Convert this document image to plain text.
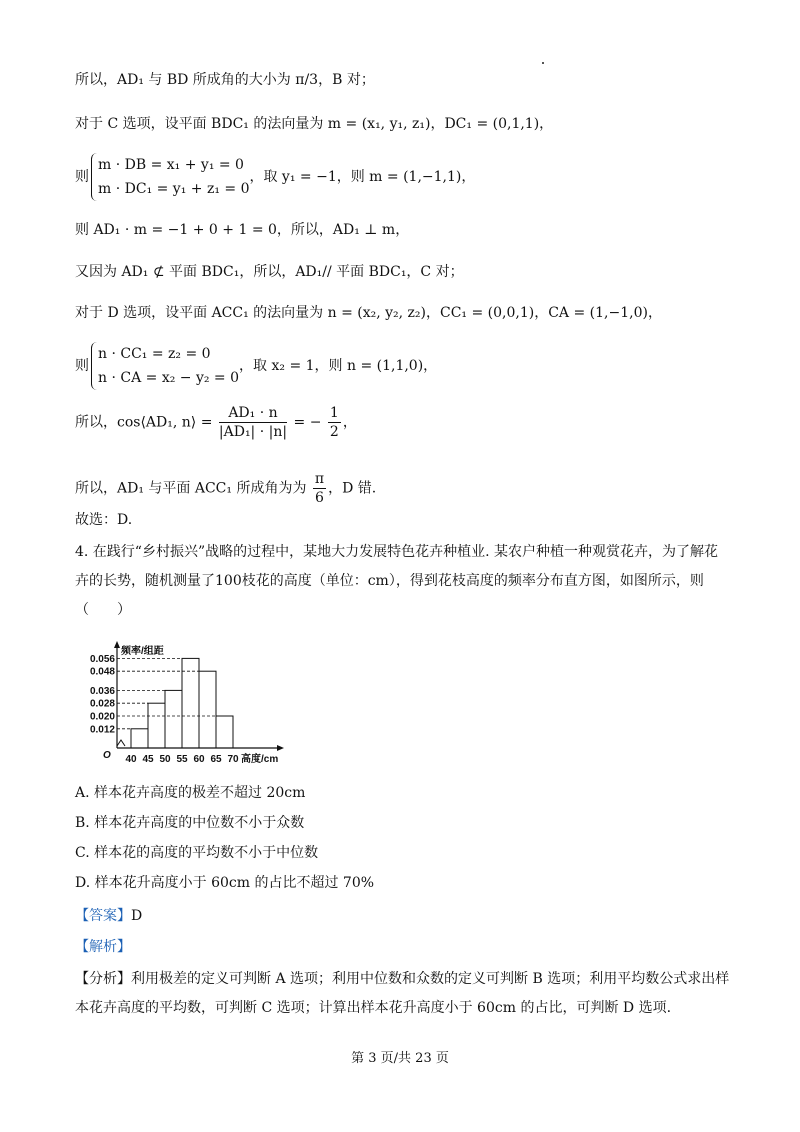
所以，AD₁ 与 BD 所成角的大小为 π/3，B 对；
对于 C 选项，设平面 BDC₁ 的法向量为 m = (x₁, y₁, z₁)，DC₁ = (0,1,1)，
则m · DB = x₁ + y₁ = 0
m · DC₁ = y₁ + z₁ = 0，取 y₁ = −1，则 m = (1,−1,1)，
则 AD₁ · m = −1 + 0 + 1 = 0，所以，AD₁ ⊥ m，
又因为 AD₁ ⊄ 平面 BDC₁，所以，AD₁// 平面 BDC₁，C 对；
对于 D 选项，设平面 ACC₁ 的法向量为 n = (x₂, y₂, z₂)，CC₁ = (0,0,1)，CA = (1,−1,0)，
则n · CC₁ = z₂ = 0
n · CA = x₂ − y₂ = 0，取 x₂ = 1，则 n = (1,1,0)，
所以，cos⟨AD₁, n⟩ = $\frac{\text{AD₁ · n}}{\text{|AD₁| · |n|}}$ = − $\frac{1}{2}$ ，
所以，AD₁ 与平面 ACC₁ 所成角为为 $\frac{\pi}{6}$ ，D 错.
故选：D.
4. 在践行“乡村振兴”战略的过程中，某地大力发展特色花卉种植业. 某农户种植一种观赏花卉，为了解花卉的长势，随机测量了100枝花的高度（单位：cm），得到花枝高度的频率分布直方图，如图所示，则（　　）
0.056
0.048
0.036
0.028
0.020
0.012
40 45 50 55 60 65 70
频率/组距
高度/cm
O
A. 样本花卉高度的极差不超过 20cm
B. 样本花卉高度的中位数不小于众数
C. 样本花的高度的平均数不小于中位数
D. 样本花升高度小于 60cm 的占比不超过 70%
【答案】D
【解析】
【分析】利用极差的定义可判断 A 选项；利用中位数和众数的定义可判断 B 选项；利用平均数公式求出样本花卉高度的平均数，可判断 C 选项；计算出样本花升高度小于 60cm 的占比，可判断 D 选项.
第 3 页/共 23 页
